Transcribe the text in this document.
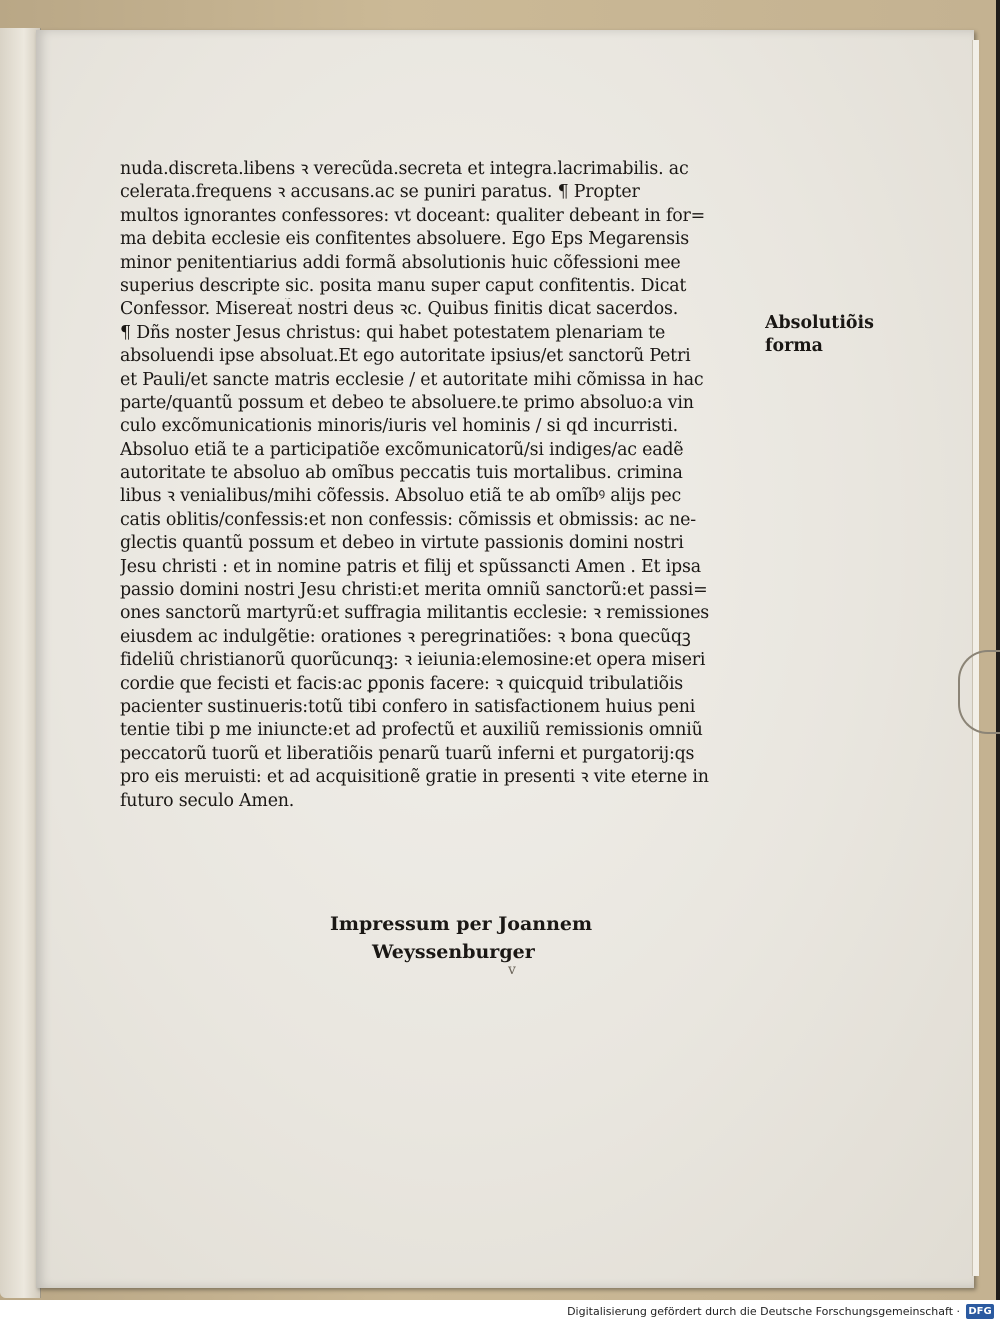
nuda.discreta.libens ꝛ verecũda.secreta et integra.lacrimabilis. ac
celerata.frequens ꝛ accusans.ac se puniri paratus. ¶ Propter
multos ignorantes confessores: vt doceant: qualiter debeant in for=
ma debita ecclesie eis confitentes absoluere. Ego Eps Megarensis
minor penitentiarius addi formã absolutionis huic cõfessioni mee
superius descripte sic. posita manu super caput confitentis. Dicat
Confessor. Misereat̃ nostri deus ꝛc. Quibus finitis dicat sacerdos.
¶ Dñs noster Jesus christus: qui habet potestatem plenariam te
absoluendi ipse absoluat.Et ego autoritate ipsius/et sanctorũ Petri
et Pauli/et sancte matris ecclesie / et autoritate mihi cõmissa in hac
parte/quantũ possum et debeo te absoluere.te primo absoluo:a vin
culo excõmunicationis minoris/iuris vel hominis / si qd incurristi.
Absoluo etiã te a participatiõe excõmunicatorũ/si indiges/ac eadẽ
autoritate te absoluo ab omĩbus peccatis tuis mortalibus. crimina
libus ꝛ venialibus/mihi cõfessis. Absoluo etiã te ab omĩbꝰ alijs pec
catis oblitis/confessis:et non confessis: cõmissis et obmissis: ac ne-
glectis quantũ possum et debeo in virtute passionis domini nostri
Jesu christi : et in nomine patris et filij et spũssancti Amen . Et ipsa
passio domini nostri Jesu christi:et merita omniũ sanctorũ:et passi=
ones sanctorũ martyrũ:et suffragia militantis ecclesie: ꝛ remissiones
eiusdem ac indulgẽtie: orationes ꝛ peregrinatiões: ꝛ bona quecũqꝫ
fideliũ christianorũ quorũcunqꝫ: ꝛ ieiunia:elemosine:et opera miseri
cordie que fecisti et facis:ac ꝑponis facere: ꝛ quicquid tribulatiõis
pacienter sustinueris:totũ tibi confero in satisfactionem huius peni
tentie tibi p me iniuncte:et ad profectũ et auxiliũ remissionis omniũ
peccatorũ tuorũ et liberatiõis penarũ tuarũ inferni et purgatorij:qs
pro eis meruisti: et ad acquisitionẽ gratie in presenti ꝛ vite eterne in
futuro seculo Amen.
Absolutiõis
forma
Impressum per Joannem
Weyssenburger
v
Digitalisierung gefördert durch die Deutsche Forschungsgemeinschaft · DFG
